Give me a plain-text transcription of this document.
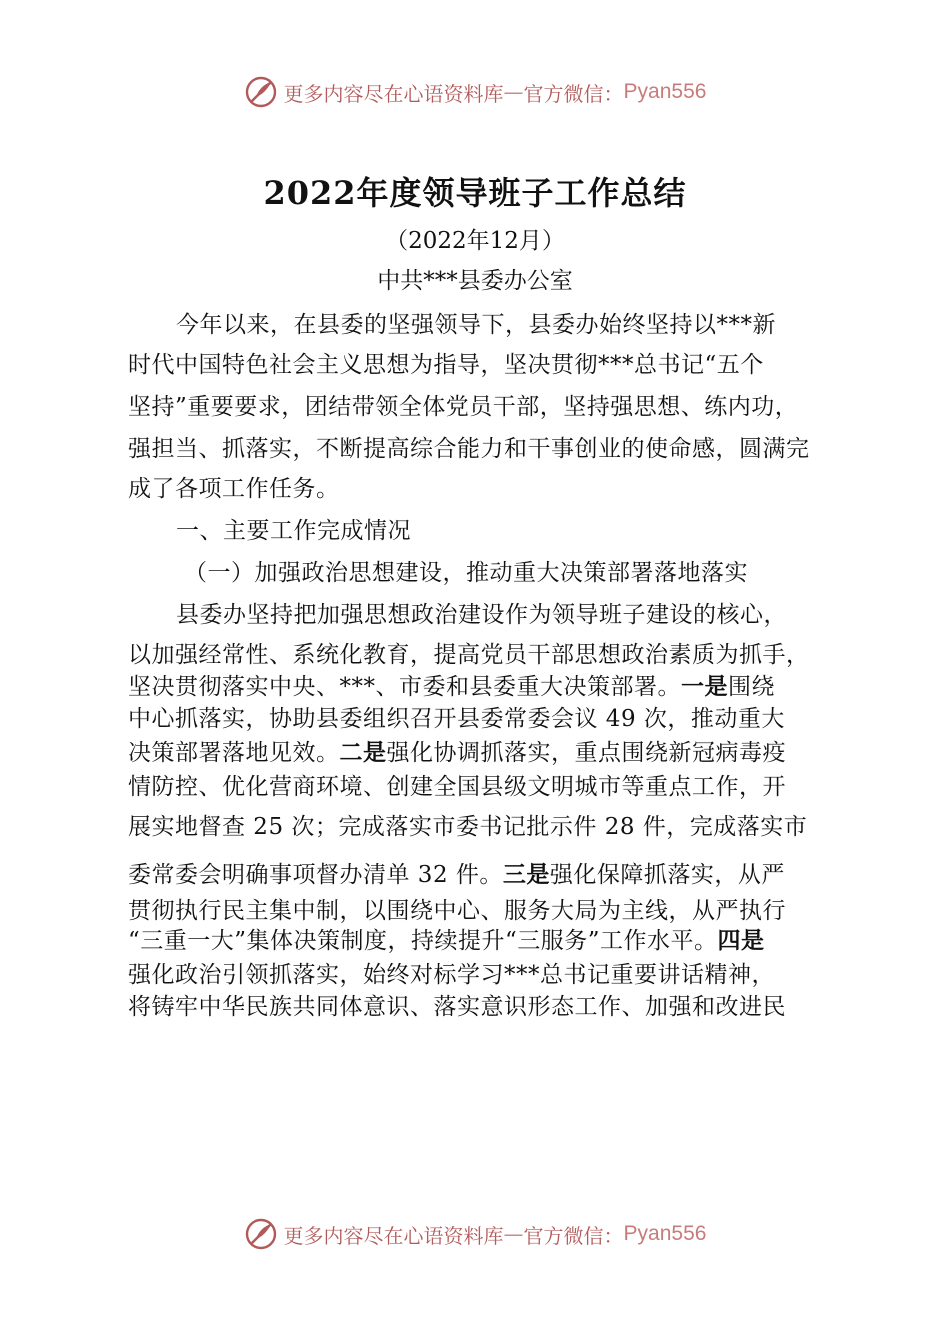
更多内容尽在心语资料库 — 官方微信： Pyan556
2022年度领导班子工作总结
（2022年12月）
中共***县委办公室
今年以来，在县委的坚强领导下，县委办始终坚持以***新
时代中国特色社会主义思想为指导，坚决贯彻***总书记“五个
坚持”重要要求，团结带领全体党员干部，坚持强思想、练内功，
强担当、抓落实，不断提高综合能力和干事创业的使命感，圆满完
成了各项工作任务。
一、主要工作完成情况
（一）加强政治思想建设，推动重大决策部署落地落实
县委办坚持把加强思想政治建设作为领导班子建设的核心，
以加强经常性、系统化教育，提高党员干部思想政治素质为抓手，
坚决贯彻落实中央、***、市委和县委重大决策部署。一是围绕
中心抓落实，协助县委组织召开县委常委会议 49 次，推动重大
决策部署落地见效。二是强化协调抓落实，重点围绕新冠病毒疫
情防控、优化营商环境、创建全国县级文明城市等重点工作，开
展实地督查 25 次；完成落实市委书记批示件 28 件，完成落实市
委常委会明确事项督办清单 32 件。三是强化保障抓落实，从严
贯彻执行民主集中制，以围绕中心、服务大局为主线，从严执行
“三重一大”集体决策制度，持续提升“三服务”工作水平。四是
强化政治引领抓落实，始终对标学习***总书记重要讲话精神，
将铸牢中华民族共同体意识、落实意识形态工作、加强和改进民
更多内容尽在心语资料库 — 官方微信： Pyan556
